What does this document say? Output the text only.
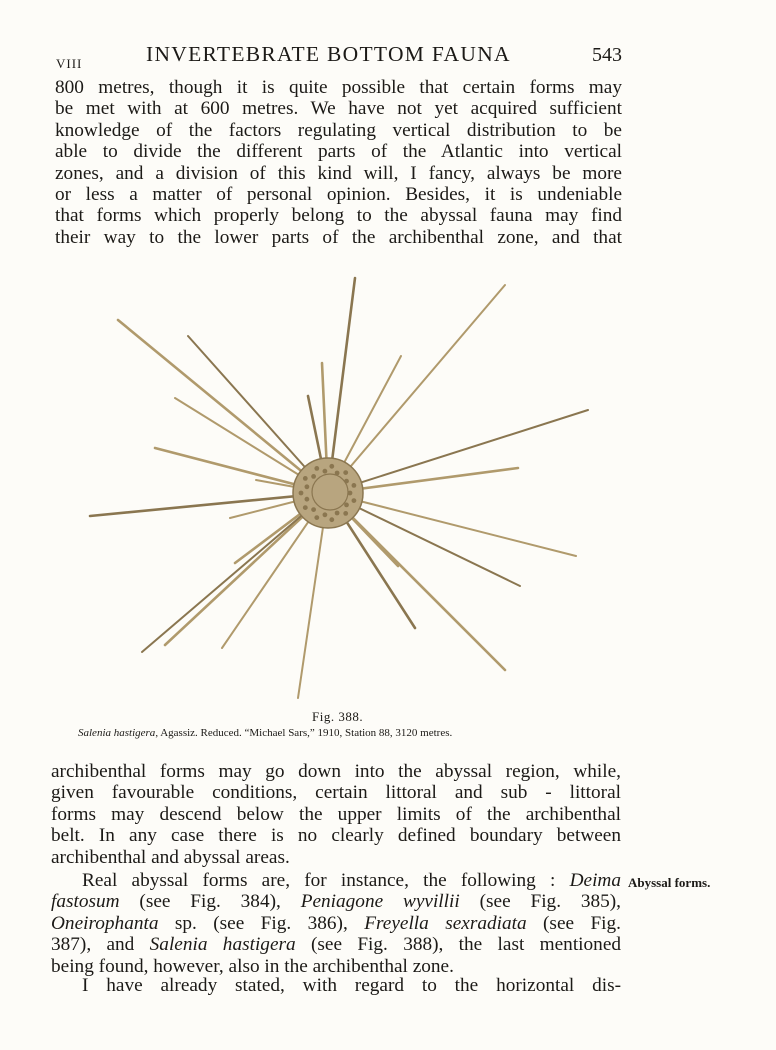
VIII	INVERTEBRATE BOTTOM FAUNA	543

800 metres, though it is quite possible that certain forms may
be met with at 600 metres. We have not yet acquired sufficient
knowledge of the factors regulating vertical distribution to be
able to divide the different parts of the Atlantic into vertical
zones, and a division of this kind will, I fancy, always be more
or less a matter of personal opinion. Besides, it is undeniable
that forms which properly belong to the abyssal fauna may find
their way to the lower parts of the archibenthal zone, and that

Fig. 388.
Salenia hastigera, Agassiz. Reduced. “Michael Sars,” 1910, Station 88, 3120 metres.

archibenthal forms may go down into the abyssal region, while,
given favourable conditions, certain littoral and sub - littoral
forms may descend below the upper limits of the archibenthal
belt. In any case there is no clearly defined boundary between
archibenthal and abyssal areas.

Real abyssal forms are, for instance, the following : Deima
fastosum (see Fig. 384), Peniagone wyvillii (see Fig. 385),
Oneirophanta sp. (see Fig. 386), Freyella sexradiata (see Fig.
387), and Salenia hastigera (see Fig. 388), the last mentioned
being found, however, also in the archibenthal zone.

Abyssal forms.

I have already stated, with regard to the horizontal dis-
